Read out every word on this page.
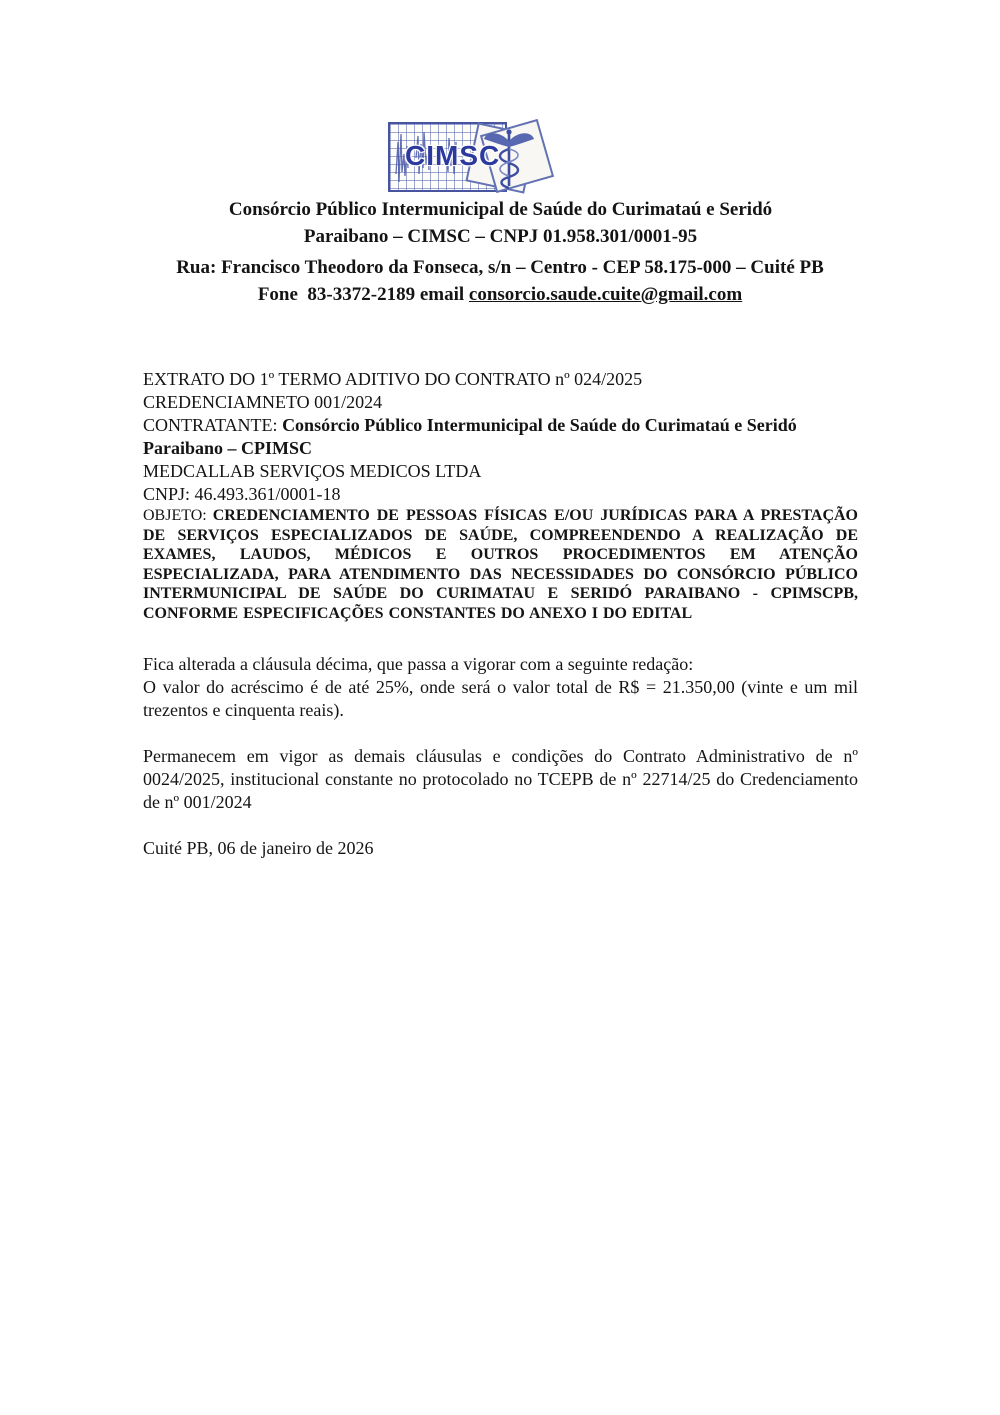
CIMSC
Consórcio Público Intermunicipal de Saúde do Curimataú e Seridó
Paraibano – CIMSC – CNPJ 01.958.301/0001-95
Rua: Francisco Theodoro da Fonseca, s/n – Centro - CEP 58.175-000 – Cuité PB
Fone  83-3372-2189 email consorcio.saude.cuite@gmail.com
EXTRATO DO 1º TERMO ADITIVO DO CONTRATO nº 024/2025
CREDENCIAMNETO 001/2024
CONTRATANTE: Consórcio Público Intermunicipal de Saúde do Curimataú e Seridó Paraibano – CPIMSC
MEDCALLAB SERVIÇOS MEDICOS LTDA
CNPJ: 46.493.361/0001-18
OBJETO: CREDENCIAMENTO DE PESSOAS FÍSICAS E/OU JURÍDICAS PARA A PRESTAÇÃO DE SERVIÇOS ESPECIALIZADOS DE SAÚDE, COMPREENDENDO A REALIZAÇÃO DE EXAMES, LAUDOS, MÉDICOS E OUTROS PROCEDIMENTOS EM ATENÇÃO ESPECIALIZADA, PARA ATENDIMENTO DAS NECESSIDADES DO CONSÓRCIO PÚBLICO INTERMUNICIPAL DE SAÚDE DO CURIMATAU E SERIDÓ PARAIBANO - CPIMSCPB, CONFORME ESPECIFICAÇÕES CONSTANTES DO ANEXO I DO EDITAL
Fica alterada a cláusula décima, que passa a vigorar com a seguinte redação:
O valor do acréscimo é de até 25%, onde será o valor total de R$ = 21.350,00 (vinte e um mil trezentos e cinquenta reais).
Permanecem em vigor as demais cláusulas e condições do Contrato Administrativo de nº 0024/2025, institucional constante no protocolado no TCEPB de nº 22714/25 do Credenciamento de nº 001/2024
Cuité PB, 06 de janeiro de 2026
